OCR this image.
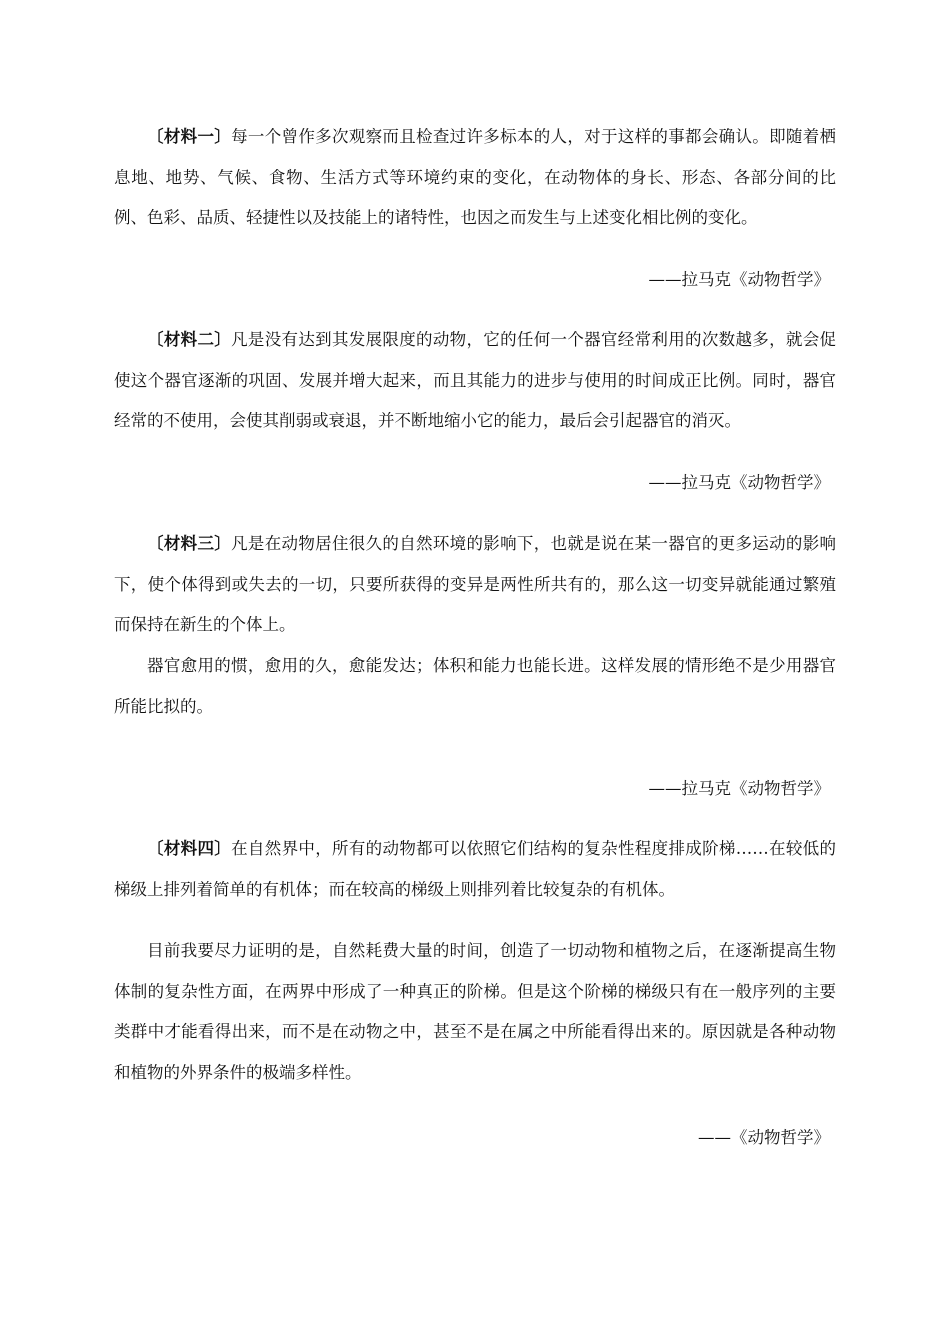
〔材料一〕每一个曾作多次观察而且检查过许多标本的人，对于这样的事都会确认。即随着栖息地、地势、气候、食物、生活方式等环境约束的变化，在动物体的身长、形态、各部分间的比例、色彩、品质、轻捷性以及技能上的诸特性，也因之而发生与上述变化相比例的变化。

——拉马克《动物哲学》

〔材料二〕凡是没有达到其发展限度的动物，它的任何一个器官经常利用的次数越多，就会促使这个器官逐渐的巩固、发展并增大起来，而且其能力的进步与使用的时间成正比例。同时，器官经常的不使用，会使其削弱或衰退，并不断地缩小它的能力，最后会引起器官的消灭。

——拉马克《动物哲学》

〔材料三〕凡是在动物居住很久的自然环境的影响下，也就是说在某一器官的更多运动的影响下，使个体得到或失去的一切，只要所获得的变异是两性所共有的，那么这一切变异就能通过繁殖而保持在新生的个体上。

器官愈用的惯，愈用的久，愈能发达；体积和能力也能长进。这样发展的情形绝不是少用器官所能比拟的。

——拉马克《动物哲学》

〔材料四〕在自然界中，所有的动物都可以依照它们结构的复杂性程度排成阶梯……在较低的梯级上排列着简单的有机体；而在较高的梯级上则排列着比较复杂的有机体。

目前我要尽力证明的是，自然耗费大量的时间，创造了一切动物和植物之后，在逐渐提高生物体制的复杂性方面，在两界中形成了一种真正的阶梯。但是这个阶梯的梯级只有在一般序列的主要类群中才能看得出来，而不是在动物之中，甚至不是在属之中所能看得出来的。原因就是各种动物和植物的外界条件的极端多样性。

——《动物哲学》
